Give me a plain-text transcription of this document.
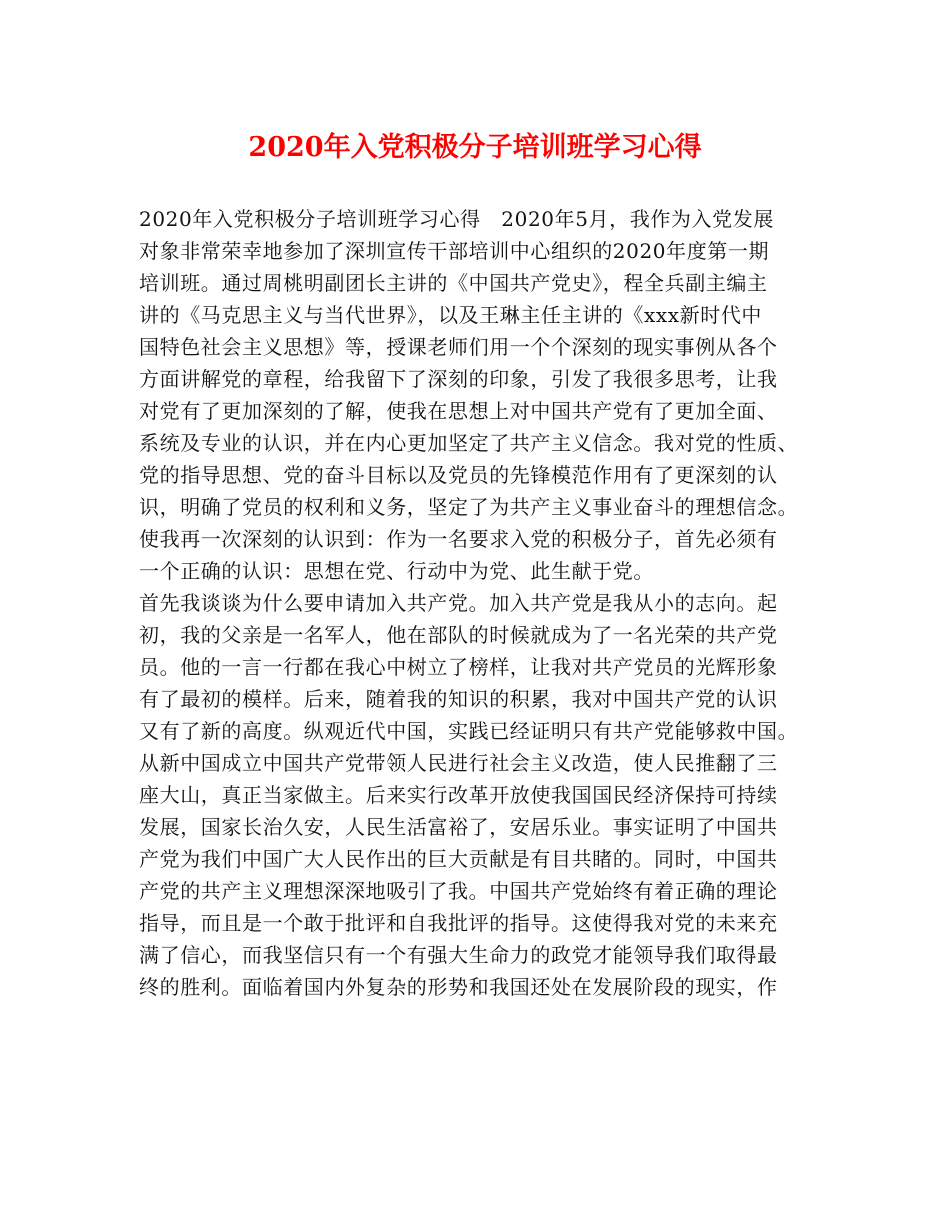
2020年入党积极分子培训班学习心得
2020年入党积极分子培训班学习心得　2020年5月，我作为入党发展
对象非常荣幸地参加了深圳宣传干部培训中心组织的2020年度第一期
培训班。通过周桃明副团长主讲的《中国共产党史》，程全兵副主编主
讲的《马克思主义与当代世界》，以及王琳主任主讲的《xxx新时代中
国特色社会主义思想》等，授课老师们用一个个深刻的现实事例从各个
方面讲解党的章程，给我留下了深刻的印象，引发了我很多思考，让我
对党有了更加深刻的了解，使我在思想上对中国共产党有了更加全面、
系统及专业的认识，并在内心更加坚定了共产主义信念。我对党的性质、
党的指导思想、党的奋斗目标以及党员的先锋模范作用有了更深刻的认
识，明确了党员的权利和义务，坚定了为共产主义事业奋斗的理想信念。
使我再一次深刻的认识到：作为一名要求入党的积极分子，首先必须有
一个正确的认识：思想在党、行动中为党、此生献于党。
首先我谈谈为什么要申请加入共产党。加入共产党是我从小的志向。起
初，我的父亲是一名军人，他在部队的时候就成为了一名光荣的共产党
员。他的一言一行都在我心中树立了榜样，让我对共产党员的光辉形象
有了最初的模样。后来，随着我的知识的积累，我对中国共产党的认识
又有了新的高度。纵观近代中国，实践已经证明只有共产党能够救中国。
从新中国成立中国共产党带领人民进行社会主义改造，使人民推翻了三
座大山，真正当家做主。后来实行改革开放使我国国民经济保持可持续
发展，国家长治久安，人民生活富裕了，安居乐业。事实证明了中国共
产党为我们中国广大人民作出的巨大贡献是有目共睹的。同时，中国共
产党的共产主义理想深深地吸引了我。中国共产党始终有着正确的理论
指导，而且是一个敢于批评和自我批评的指导。这使得我对党的未来充
满了信心，而我坚信只有一个有强大生命力的政党才能领导我们取得最
终的胜利。面临着国内外复杂的形势和我国还处在发展阶段的现实，作
